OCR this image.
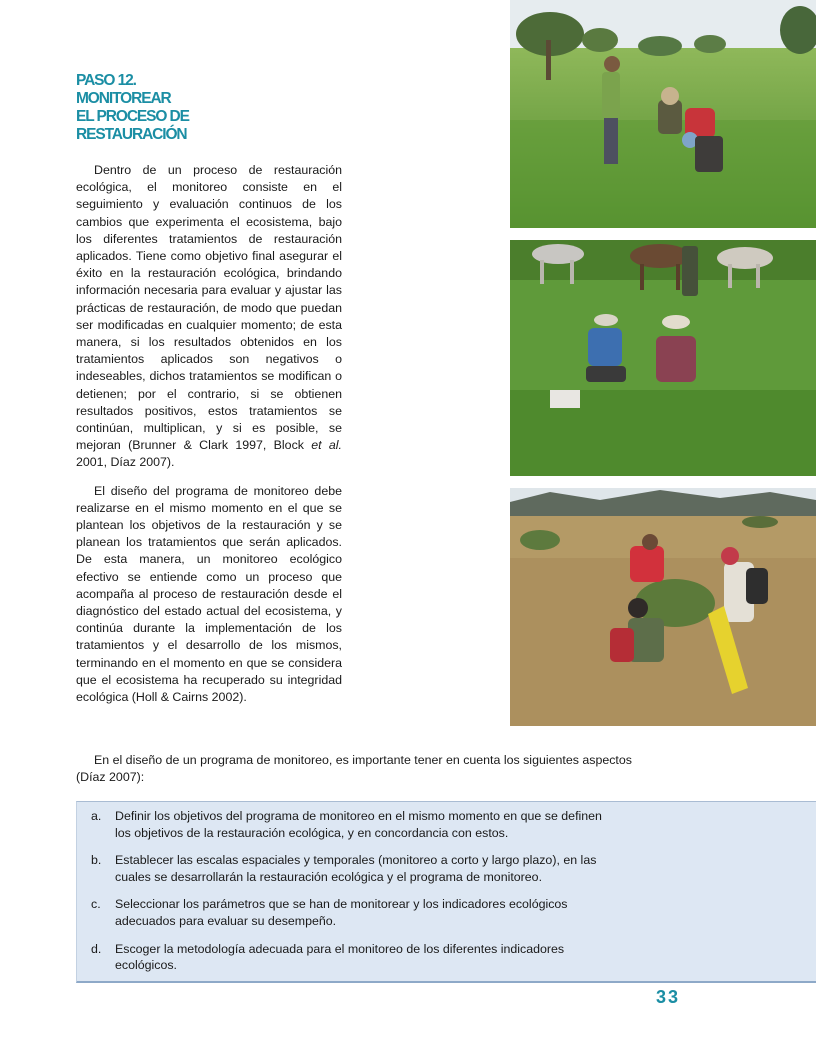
PASO 12.
MONITOREAR
EL PROCESO DE
RESTAURACIÓN

Dentro de un proceso de restauración ecológica, el monitoreo consiste en el seguimiento y evaluación continuos de los cambios que experimenta el ecosistema, bajo los diferentes tratamientos de restauración aplicados. Tiene como objetivo final asegurar el éxito en la restauración ecológica, brindando información necesaria para evaluar y ajustar las prácticas de restauración, de modo que puedan ser modificadas en cualquier momento; de esta manera, si los resultados obtenidos en los tratamientos aplicados son negativos o indeseables, dichos tratamientos se modifican o detienen; por el contrario, si se obtienen resultados positivos, estos tratamientos se continúan, multiplican, y si es posible, se mejoran (Brunner & Clark 1997, Block et al. 2001, Díaz 2007).

El diseño del programa de monitoreo debe realizarse en el mismo momento en el que se plantean los objetivos de la restauración y se planean los tratamientos que serán aplicados. De esta manera, un monitoreo ecológico efectivo se entiende como un proceso que acompaña al proceso de restauración desde el diagnóstico del estado actual del ecosistema, y continúa durante la implementación de los tratamientos y el desarrollo de los mismos, terminando en el momento en que se considera que el ecosistema ha recuperado su integridad ecológica (Holl & Cairns 2002).

En el diseño de un programa de monitoreo, es importante tener en cuenta los siguientes aspectos (Díaz 2007):

a.	Definir los objetivos del programa de monitoreo en el mismo momento en que se definen los objetivos de la restauración ecológica, y en concordancia con estos.
b.	Establecer las escalas espaciales y temporales (monitoreo a corto y largo plazo), en las cuales se desarrollarán la restauración ecológica y el programa de monitoreo.
c.	Seleccionar los parámetros que se han de monitorear y los indicadores ecológicos adecuados para evaluar su desempeño.
d.	Escoger la metodología adecuada para el monitoreo de los diferentes indicadores ecológicos.
33
